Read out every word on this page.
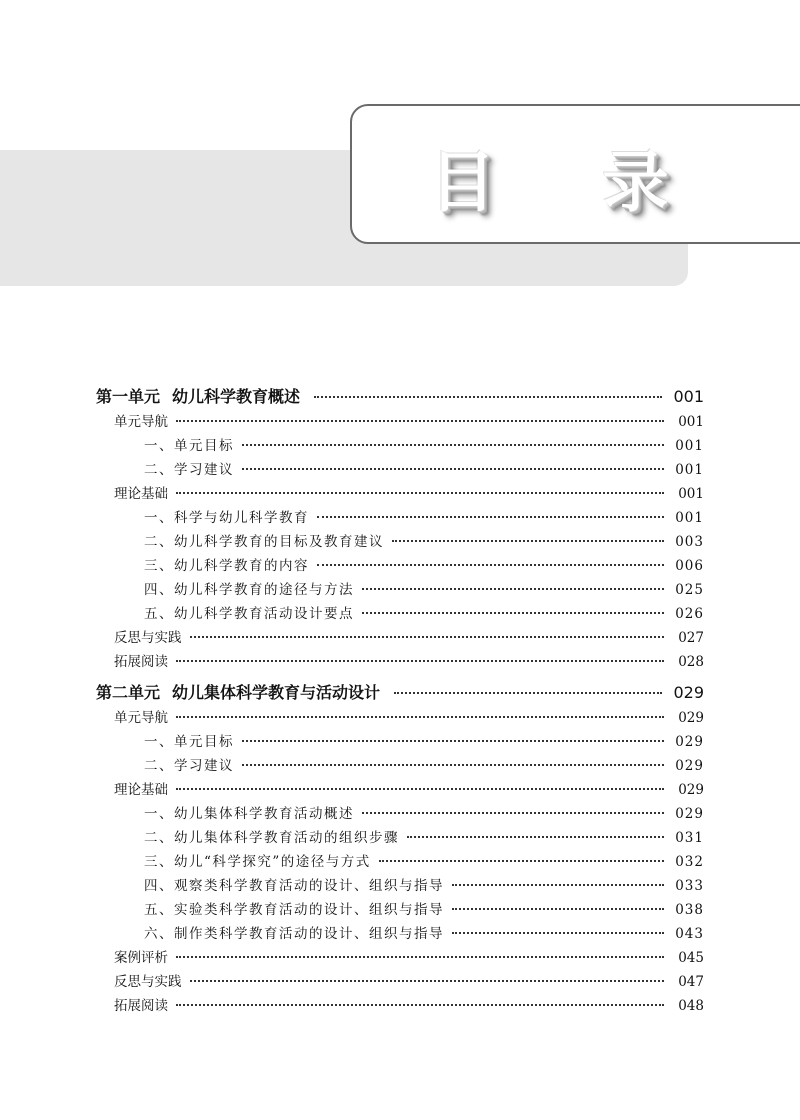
目 录
第一单元 幼儿科学教育概述	001
单元导航	001
一、单元目标	001
二、学习建议	001
理论基础	001
一、科学与幼儿科学教育	001
二、幼儿科学教育的目标及教育建议	003
三、幼儿科学教育的内容	006
四、幼儿科学教育的途径与方法	025
五、幼儿科学教育活动设计要点	026
反思与实践	027
拓展阅读	028
第二单元 幼儿集体科学教育与活动设计	029
单元导航	029
一、单元目标	029
二、学习建议	029
理论基础	029
一、幼儿集体科学教育活动概述	029
二、幼儿集体科学教育活动的组织步骤	031
三、幼儿“科学探究”的途径与方式	032
四、观察类科学教育活动的设计、组织与指导	033
五、实验类科学教育活动的设计、组织与指导	038
六、制作类科学教育活动的设计、组织与指导	043
案例评析	045
反思与实践	047
拓展阅读	048
